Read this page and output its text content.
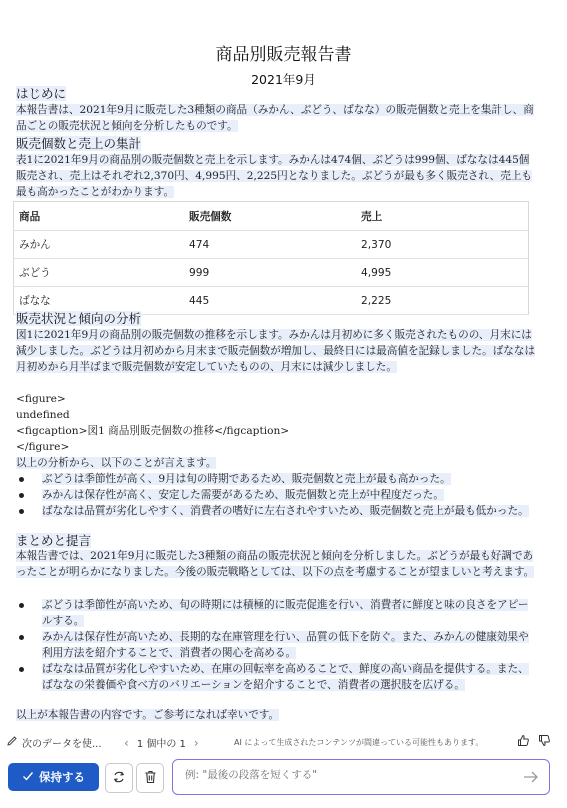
商品別販売報告書
2021年9月
はじめに
本報告書は、2021年9月に販売した3種類の商品（みかん、ぶどう、ばなな）の販売個数と売上を集計し、商品ごとの販売状況と傾向を分析したものです。
販売個数と売上の集計
表1に2021年9月の商品別の販売個数と売上を示します。みかんは474個、ぶどうは999個、ばななは445個販売され、売上はそれぞれ2,370円、4,995円、2,225円となりました。ぶどうが最も多く販売され、売上も最も高かったことがわかります。
商品	販売個数	売上
みかん	474	2,370
ぶどう	999	4,995
ばなな	445	2,225
販売状況と傾向の分析
図1に2021年9月の商品別の販売個数の推移を示します。みかんは月初めに多く販売されたものの、月末には減少しました。ぶどうは月初めから月末まで販売個数が増加し、最終日には最高値を記録しました。ばななは月初めから月半ばまで販売個数が安定していたものの、月末には減少しました。
<figure>
undefined
<figcaption>図1 商品別販売個数の推移</figcaption>
</figure>
以上の分析から、以下のことが言えます。
ぶどうは季節性が高く、9月は旬の時期であるため、販売個数と売上が最も高かった。
みかんは保存性が高く、安定した需要があるため、販売個数と売上が中程度だった。
ばななは品質が劣化しやすく、消費者の嗜好に左右されやすいため、販売個数と売上が最も低かった。
まとめと提言
本報告書では、2021年9月に販売した3種類の商品の販売状況と傾向を分析しました。ぶどうが最も好調であったことが明らかになりました。今後の販売戦略としては、以下の点を考慮することが望ましいと考えます。
ぶどうは季節性が高いため、旬の時期には積極的に販売促進を行い、消費者に鮮度と味の良さをアピールする。
みかんは保存性が高いため、長期的な在庫管理を行い、品質の低下を防ぐ。また、みかんの健康効果や利用方法を紹介することで、消費者の関心を高める。
ばななは品質が劣化しやすいため、在庫の回転率を高めることで、鮮度の高い商品を提供する。また、ばななの栄養価や食べ方のバリエーションを紹介することで、消費者の選択肢を広げる。
以上が本報告書の内容です。ご参考になれば幸いです。
次のデータを使... ‹ 1 個中の 1 ›	AI によって生成されたコンテンツが間違っている可能性もあります。
保持する
例: "最後の段落を短くする"
